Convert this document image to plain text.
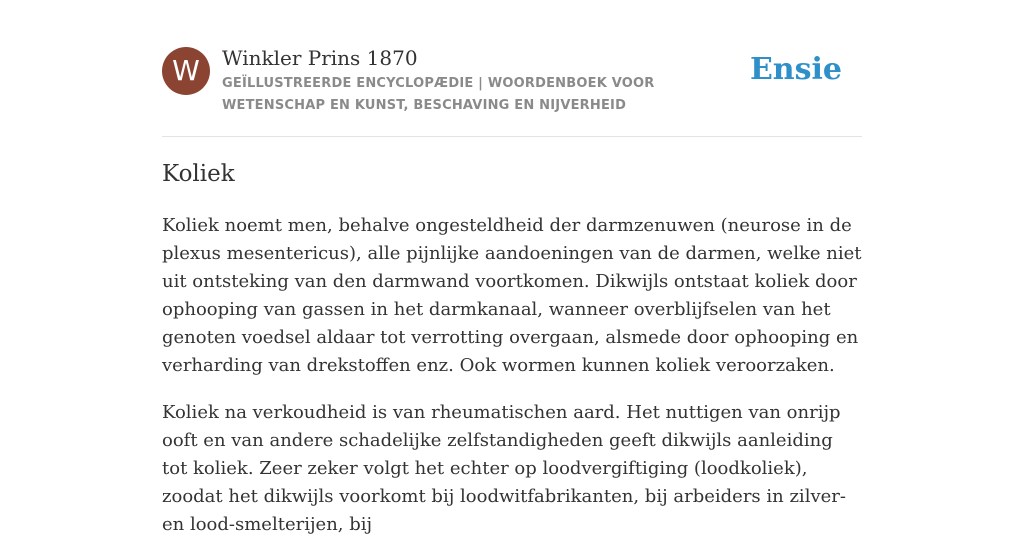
W	Winkler Prins 1870
GEÏLLUSTREERDE ENCYCLOPÆDIE | WOORDENBOEK VOOR WETENSCHAP EN KUNST, BESCHAVING EN NIJVERHEID
Ensie
Koliek

Koliek noemt men, behalve ongesteldheid der darmzenuwen (neurose in de plexus mesentericus), alle pijnlijke aandoeningen van de darmen, welke niet uit ontsteking van den darmwand voortkomen. Dikwijls ontstaat koliek door ophooping van gassen in het darmkanaal, wanneer overblijfselen van het genoten voedsel aldaar tot verrotting overgaan, alsmede door ophooping en verharding van drekstoffen enz. Ook wormen kunnen koliek veroorzaken.

Koliek na verkoudheid is van rheumatischen aard. Het nuttigen van onrijp ooft en van andere schadelijke zelfstandigheden geeft dikwijls aanleiding tot koliek. Zeer zeker volgt het echter op loodvergiftiging (loodkoliek), zoodat het dikwijls voorkomt bij loodwitfabrikanten, bij arbeiders in zilver- en lood-smelterijen, bij
